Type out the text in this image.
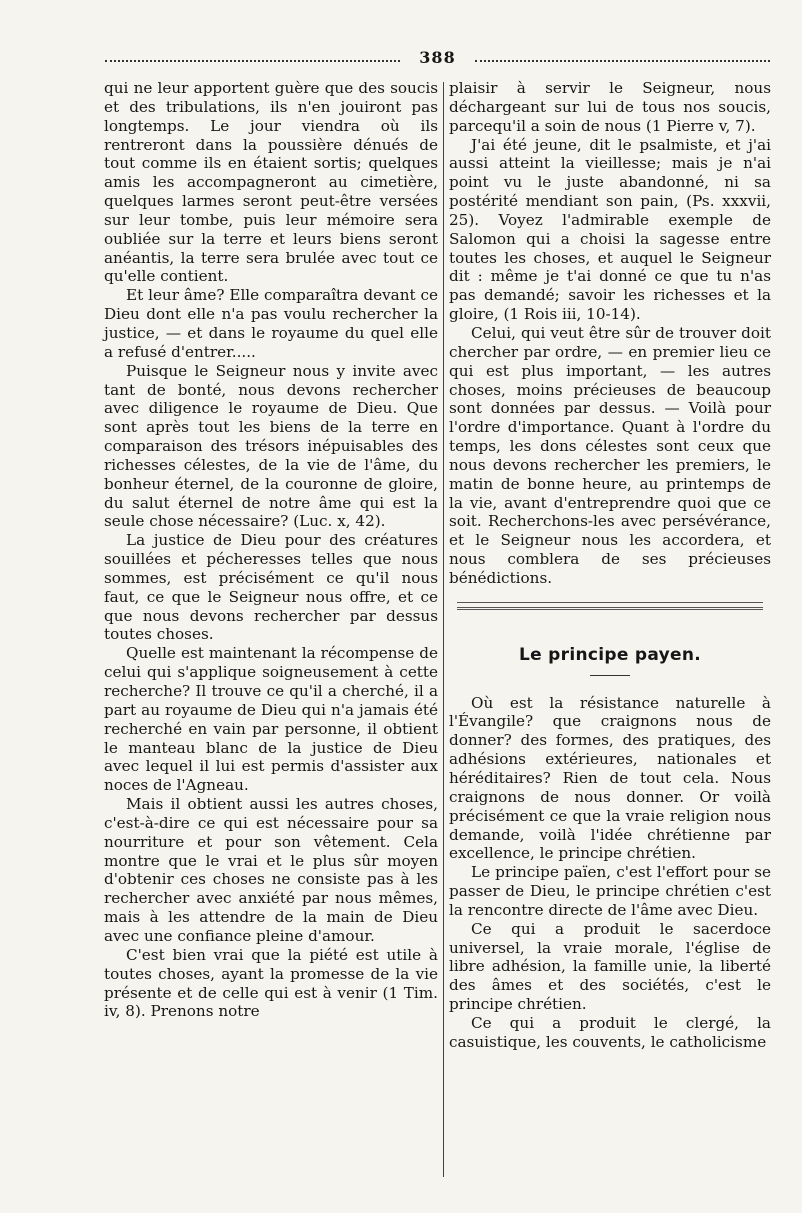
388

qui ne leur apportent guère que des soucis et des tribulations, ils n'en jouiront pas longtemps. Le jour viendra où ils rentreront dans la poussière dénués de tout comme ils en étaient sortis; quelques amis les accompagneront au cimetière, quelques larmes seront peut-être versées sur leur tombe, puis leur mémoire sera oubliée sur la terre et leurs biens seront anéantis, la terre sera brulée avec tout ce qu'elle contient.

Et leur âme? Elle comparaîtra devant ce Dieu dont elle n'a pas voulu rechercher la justice, — et dans le royaume du quel elle a refusé d'entrer.....

Puisque le Seigneur nous y invite avec tant de bonté, nous devons rechercher avec diligence le royaume de Dieu. Que sont après tout les biens de la terre en comparaison des trésors inépuisables des richesses célestes, de la vie de l'âme, du bonheur éternel, de la couronne de gloire, du salut éternel de notre âme qui est la seule chose nécessaire? (Luc. x, 42).

La justice de Dieu pour des créatures souillées et pécheresses telles que nous sommes, est précisément ce qu'il nous faut, ce que le Seigneur nous offre, et ce que nous devons rechercher par dessus toutes choses.

Quelle est maintenant la récompense de celui qui s'applique soigneusement à cette recherche? Il trouve ce qu'il a cherché, il a part au royaume de Dieu qui n'a jamais été recherché en vain par personne, il obtient le manteau blanc de la justice de Dieu avec lequel il lui est permis d'assister aux noces de l'Agneau.

Mais il obtient aussi les autres choses, c'est-à-dire ce qui est nécessaire pour sa nourriture et pour son vêtement. Cela montre que le vrai et le plus sûr moyen d'obtenir ces choses ne consiste pas à les rechercher avec anxiété par nous mêmes, mais à les attendre de la main de Dieu avec une confiance pleine d'amour.

C'est bien vrai que la piété est utile à toutes choses, ayant la promesse de la vie présente et de celle qui est à venir (1 Tim. iv, 8). Prenons notre

plaisir à servir le Seigneur, nous déchargeant sur lui de tous nos soucis, parcequ'il a soin de nous (1 Pierre v, 7).

J'ai été jeune, dit le psalmiste, et j'ai aussi atteint la vieillesse; mais je n'ai point vu le juste abandonné, ni sa postérité mendiant son pain, (Ps. xxxvii, 25). Voyez l'admirable exemple de Salomon qui a choisi la sagesse entre toutes les choses, et auquel le Seigneur dit : même je t'ai donné ce que tu n'as pas demandé; savoir les richesses et la gloire, (1 Rois iii, 10-14).

Celui, qui veut être sûr de trouver doit chercher par ordre, — en premier lieu ce qui est plus important, — les autres choses, moins précieuses de beaucoup sont données par dessus. — Voilà pour l'ordre d'importance. Quant à l'ordre du temps, les dons célestes sont ceux que nous devons rechercher les premiers, le matin de bonne heure, au printemps de la vie, avant d'entreprendre quoi que ce soit. Recherchons-les avec persévérance, et le Seigneur nous les accordera, et nous comblera de ses précieuses bénédictions.

Le principe payen.

Où est la résistance naturelle à l'Évangile? que craignons nous de donner? des formes, des pratiques, des adhésions extérieures, nationales et héréditaires? Rien de tout cela. Nous craignons de nous donner. Or voilà précisément ce que la vraie religion nous demande, voilà l'idée chrétienne par excellence, le principe chrétien.

Le principe païen, c'est l'effort pour se passer de Dieu, le principe chrétien c'est la rencontre directe de l'âme avec Dieu.

Ce qui a produit le sacerdoce universel, la vraie morale, l'église de libre adhésion, la famille unie, la liberté des âmes et des sociétés, c'est le principe chrétien.

Ce qui a produit le clergé, la casuistique, les couvents, le catholicisme
